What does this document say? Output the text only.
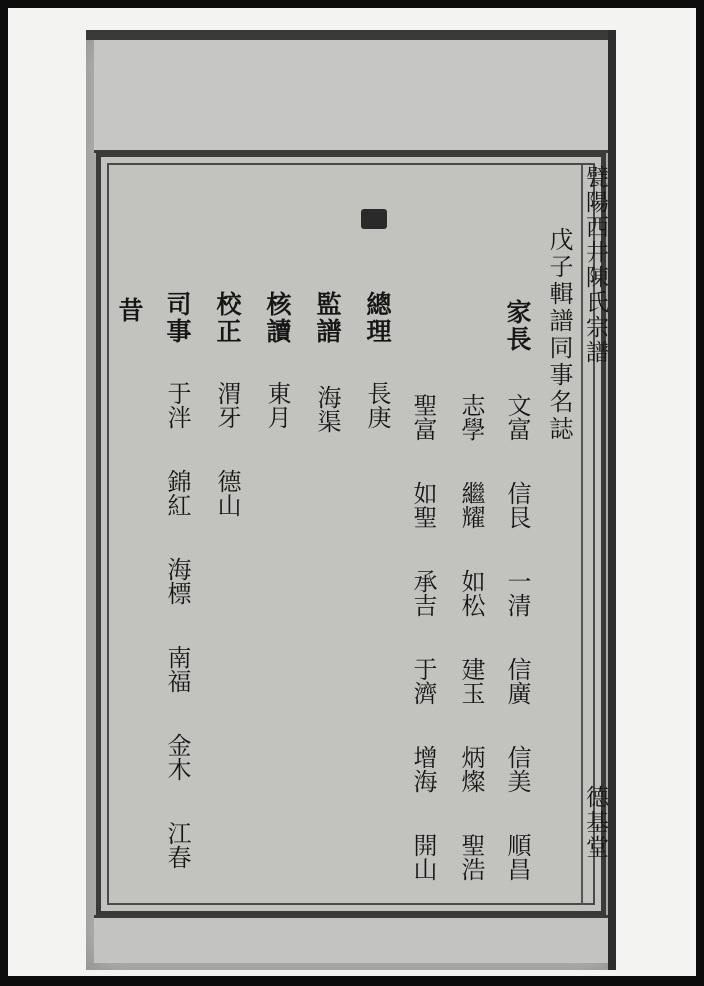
甓陽西井陳氏宗譜
德基堂
戊子輯譜同事名誌
家長
文富
信艮
一清
信廣
信美
順昌
志學
繼耀
如松
建玉
炳燦
聖浩
聖富
如聖
承吉
于濟
增海
開山
總理
長庚
監譜
海渠
核讀
東月
校正
渭牙
德山
司事
于泮
錦紅
海標
南福
金木
江春
昔
